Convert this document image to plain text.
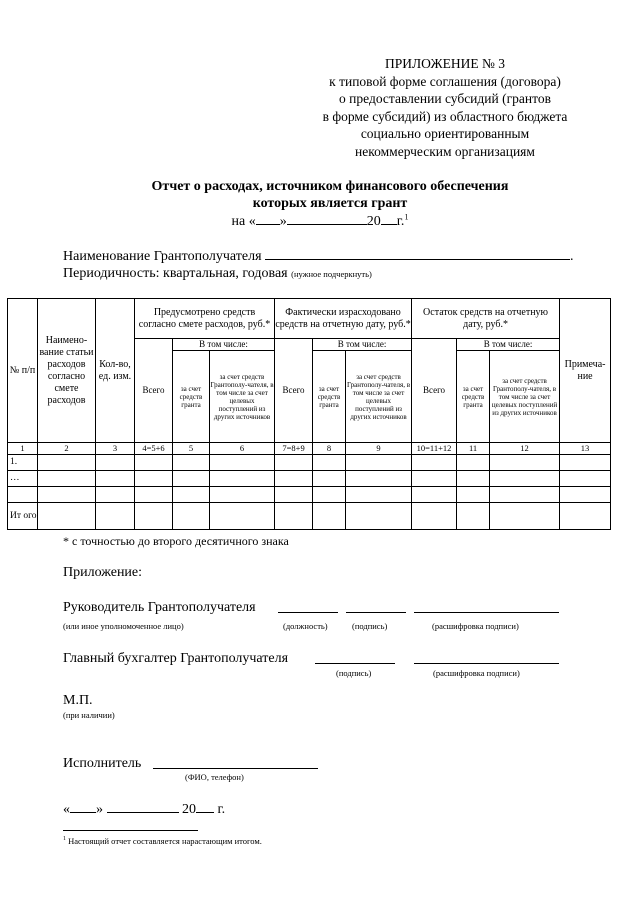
ПРИЛОЖЕНИЕ № 3
к типовой форме соглашения (договора)
о предоставлении субсидий (грантов
в форме субсидий) из областного бюджета
социально ориентированным
некоммерческим организациям
Отчет о расходах, источником финансового обеспечения
которых является грант
на « »	20 г.$^1$
Наименование Грантополучателя	.
Периодичность: квартальная, годовая (нужное подчеркнуть)
№ п/п	Наимено-вание статьи расходов согласно смете расходов	Кол-во, ед. изм.	Предусмотрено средств согласно смете расходов, руб.*			Фактически израсходовано средств на отчетную дату, руб.*			Остаток средств на отчетную дату, руб.*			Примеча-ние
			Всего	В том числе:		Всего	В том числе:		Всего	В том числе:		
				за счет средств гранта	за счет средств Грантополу-чателя, в том числе за счет целевых поступлений из других источников		за счет средств гранта	за счет средств Грантополу-чателя, в том числе за счет целевых поступлений из других источников		за счет средств гранта	за счет средств Грантополу-чателя, в том числе за счет целевых поступлений из других источников	
1	2	3	4=5+6	5	6	7=8+9	8	9	10=11+12	11	12	13
1.												
…												

Ит ого												
* с точностью до второго десятичного знака
Приложение:
Руководитель Грантополучателя
(или иное уполномоченное лицо)	(должность)	(подпись)	(расшифровка подписи)
Главный бухгалтер Грантополучателя
(подпись)	(расшифровка подписи)
М.П.
(при наличии)
Исполнитель
(ФИО, телефон)
« »	20 г.
$^1$ Настоящий отчет составляется нарастающим итогом.
